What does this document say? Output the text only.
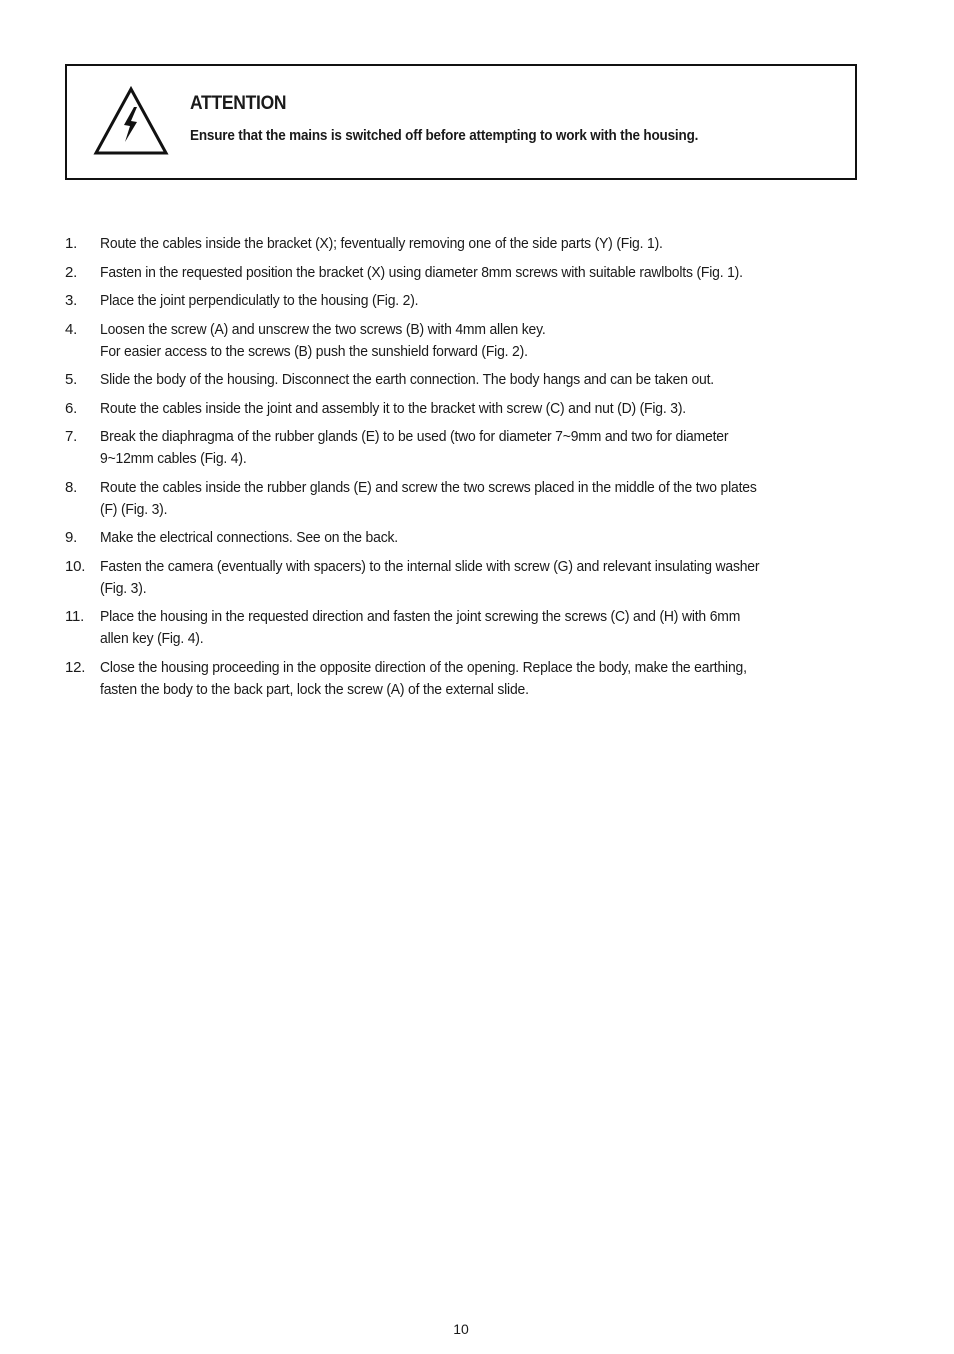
ATTENTION
Ensure that the mains is switched off before attempting to work with the housing.
1. Route the cables inside the bracket (X); feventually removing one of the side parts (Y) (Fig. 1).
2. Fasten in the requested position the bracket (X) using diameter 8mm screws with suitable rawlbolts (Fig. 1).
3. Place the joint perpendiculatly to the housing (Fig. 2).
4. Loosen the screw (A) and unscrew the two screws (B) with 4mm allen key.
For easier access to the screws (B) push the sunshield forward (Fig. 2).
5. Slide the body of the housing. Disconnect the earth connection. The body hangs and can be taken out.
6. Route the cables inside the joint and assembly it to the bracket with screw (C) and nut (D) (Fig. 3).
7. Break the diaphragma of the rubber glands (E) to be used (two for diameter 7~9mm and two for diameter
9~12mm cables (Fig. 4).
8. Route the cables inside the rubber glands (E) and screw the two screws placed in the middle of the two plates
(F) (Fig. 3).
9. Make the electrical connections. See on the back.
10. Fasten the camera (eventually with spacers) to the internal slide with screw (G) and relevant insulating washer
(Fig. 3).
11. Place the housing in the requested direction and fasten the joint screwing the screws (C) and (H) with 6mm
allen key (Fig. 4).
12. Close the housing proceeding in the opposite direction of the opening. Replace the body, make the earthing,
fasten the body to the back part, lock the screw (A) of the external slide.
10
